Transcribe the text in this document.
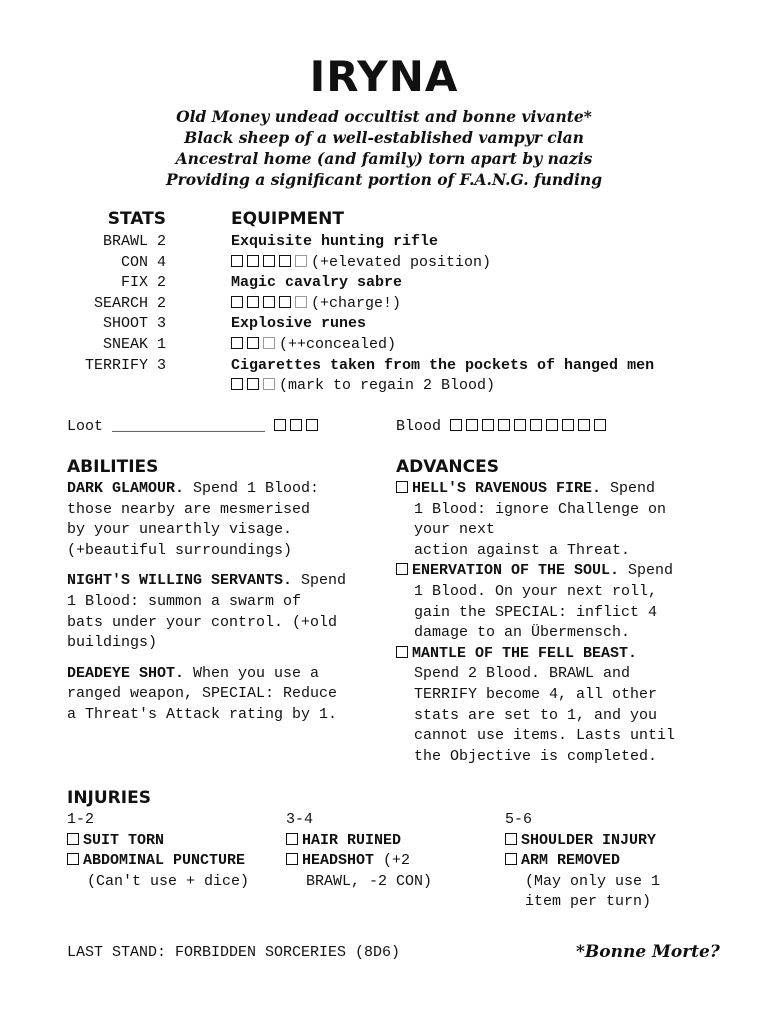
IRYNA
Old Money undead occultist and bonne vivante*
Black sheep of a well-established vampyr clan
Ancestral home (and family) torn apart by nazis
Providing a significant portion of F.A.N.G. funding
STATS
BRAWL 2
CON 4
FIX 2
SEARCH 2
SHOOT 3
SNEAK 1
TERRIFY 3
EQUIPMENT
Exquisite hunting rifle
(+elevated position)
Magic cavalry sabre
(+charge!)
Explosive runes
(++concealed)
Cigarettes taken from the pockets of hanged men
(mark to regain 2 Blood)
Loot _________________	Blood
ABILITIES
DARK GLAMOUR. Spend 1 Blood:
those nearby are mesmerised
by your unearthly visage.
(+beautiful surroundings)
NIGHT'S WILLING SERVANTS. Spend
1 Blood: summon a swarm of
bats under your control. (+old
buildings)
DEADEYE SHOT. When you use a
ranged weapon, SPECIAL: Reduce
a Threat's Attack rating by 1.
ADVANCES
HELL'S RAVENOUS FIRE. Spend
1 Blood: ignore Challenge on
your next
action against a Threat.
ENERVATION OF THE SOUL. Spend
1 Blood. On your next roll,
gain the SPECIAL: inflict 4
damage to an Übermensch.
MANTLE OF THE FELL BEAST.
Spend 2 Blood. BRAWL and
TERRIFY become 4, all other
stats are set to 1, and you
cannot use items. Lasts until
the Objective is completed.
INJURIES
1-2
SUIT TORN
ABDOMINAL PUNCTURE
(Can't use + dice)
3-4
HAIR RUINED
HEADSHOT (+2
BRAWL, -2 CON)
5-6
SHOULDER INJURY
ARM REMOVED
(May only use 1
item per turn)
LAST STAND: FORBIDDEN SORCERIES (8D6)	*Bonne Morte?
